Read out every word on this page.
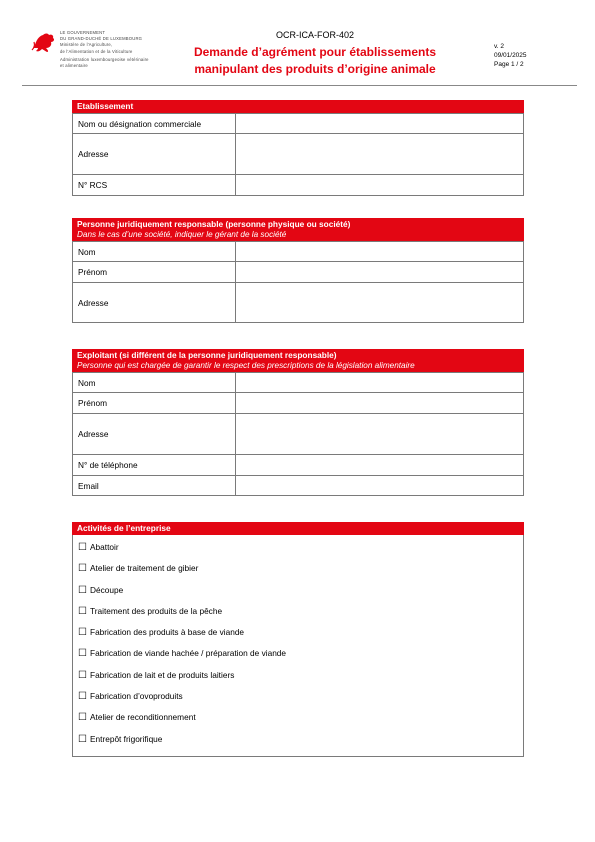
LE GOUVERNEMENT
DU GRAND-DUCHÉ DE LUXEMBOURG
Ministère de l'Agriculture,
de l'Alimentation et de la Viticulture
Administration luxembourgeoise vétérinaire
et alimentaire
OCR-ICA-FOR-402
Demande d’agrément pour établissements
manipulant des produits d’origine animale
v. 2
09/01/2025
Page 1 / 2
Etablissement
Nom ou désignation commerciale	
Adresse	
N° RCS	
Personne juridiquement responsable (personne physique ou société)
Dans le cas d’une société, indiquer le gérant de la société
Nom	
Prénom	
Adresse	
Exploitant (si différent de la personne juridiquement responsable)
Personne qui est chargée de garantir le respect des prescriptions de la législation alimentaire
Nom	
Prénom	
Adresse	
N° de téléphone	
Email	
Activités de l’entreprise
☐ Abattoir
☐ Atelier de traitement de gibier
☐ Découpe
☐ Traitement des produits de la pêche
☐ Fabrication des produits à base de viande
☐ Fabrication de viande hachée / préparation de viande
☐ Fabrication de lait et de produits laitiers
☐ Fabrication d’ovoproduits
☐ Atelier de reconditionnement
☐ Entrepôt frigorifique
